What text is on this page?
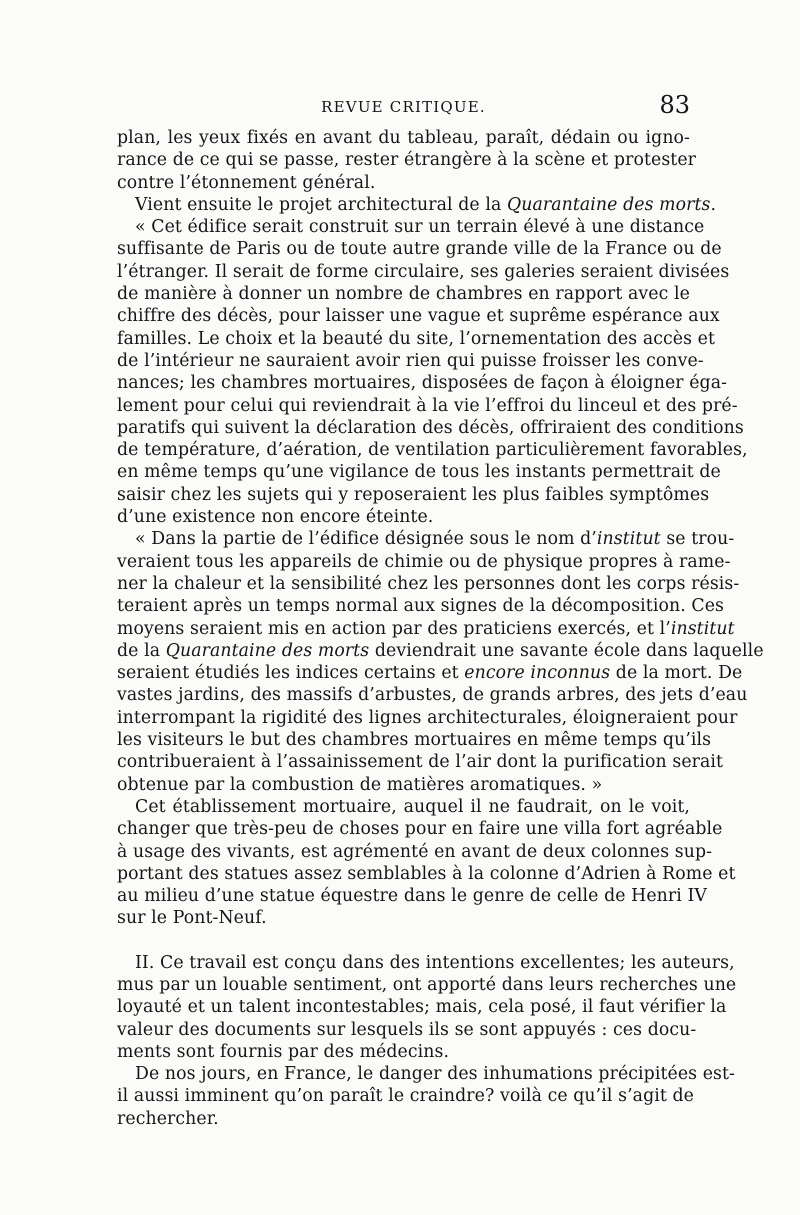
REVUE CRITIQUE.	83
plan, les yeux fixés en avant du tableau, paraît, dédain ou igno-
rance de ce qui se passe, rester étrangère à la scène et protester
contre l’étonnement général.
Vient ensuite le projet architectural de la Quarantaine des morts.
« Cet édifice serait construit sur un terrain élevé à une distance
suffisante de Paris ou de toute autre grande ville de la France ou de
l’étranger. Il serait de forme circulaire, ses galeries seraient divisées
de manière à donner un nombre de chambres en rapport avec le
chiffre des décès, pour laisser une vague et suprême espérance aux
familles. Le choix et la beauté du site, l’ornementation des accès et
de l’intérieur ne sauraient avoir rien qui puisse froisser les conve-
nances; les chambres mortuaires, disposées de façon à éloigner éga-
lement pour celui qui reviendrait à la vie l’effroi du linceul et des pré-
paratifs qui suivent la déclaration des décès, offriraient des conditions
de température, d’aération, de ventilation particulièrement favorables,
en même temps qu’une vigilance de tous les instants permettrait de
saisir chez les sujets qui y reposeraient les plus faibles symptômes
d’une existence non encore éteinte.
« Dans la partie de l’édifice désignée sous le nom d’institut se trou-
veraient tous les appareils de chimie ou de physique propres à rame-
ner la chaleur et la sensibilité chez les personnes dont les corps résis-
teraient après un temps normal aux signes de la décomposition. Ces
moyens seraient mis en action par des praticiens exercés, et l’institut
de la Quarantaine des morts deviendrait une savante école dans laquelle
seraient étudiés les indices certains et encore inconnus de la mort. De
vastes jardins, des massifs d’arbustes, de grands arbres, des jets d’eau
interrompant la rigidité des lignes architecturales, éloigneraient pour
les visiteurs le but des chambres mortuaires en même temps qu’ils
contribueraient à l’assainissement de l’air dont la purification serait
obtenue par la combustion de matières aromatiques. »
Cet établissement mortuaire, auquel il ne faudrait, on le voit,
changer que très-peu de choses pour en faire une villa fort agréable
à usage des vivants, est agrémenté en avant de deux colonnes sup-
portant des statues assez semblables à la colonne d’Adrien à Rome et
au milieu d’une statue équestre dans le genre de celle de Henri IV
sur le Pont-Neuf.
II. Ce travail est conçu dans des intentions excellentes; les auteurs,
mus par un louable sentiment, ont apporté dans leurs recherches une
loyauté et un talent incontestables; mais, cela posé, il faut vérifier la
valeur des documents sur lesquels ils se sont appuyés : ces docu-
ments sont fournis par des médecins.
De nos jours, en France, le danger des inhumations précipitées est-
il aussi imminent qu’on paraît le craindre? voilà ce qu’il s’agit de
rechercher.
